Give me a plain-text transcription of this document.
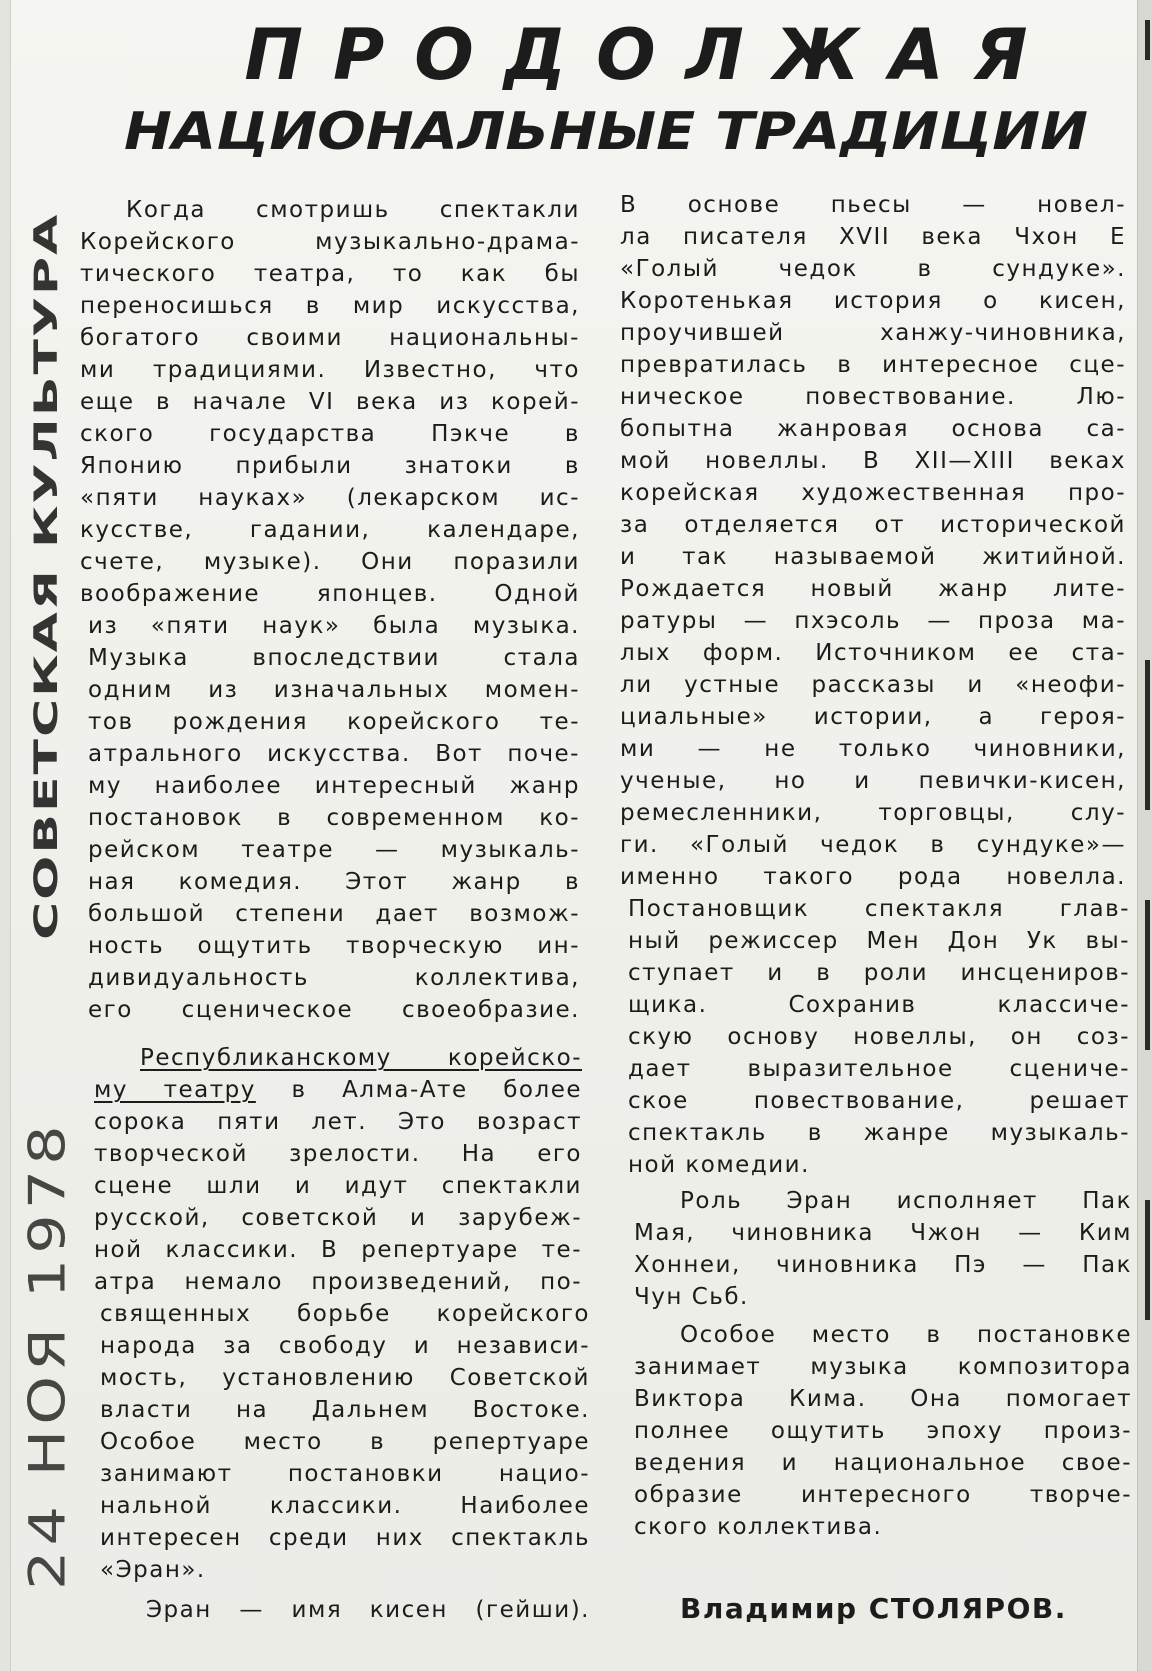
ПРОДОЛЖАЯ
НАЦИОНАЛЬНЫЕ ТРАДИЦИИ
СОВЕТСКАЯ КУЛЬТУРА
24 НОЯ 1978
Когда смотришь спектакли
Корейского музыкально-драма-
тического театра, то как бы
переносишься в мир искусства,
богатого своими национальны-
ми традициями. Известно, что
еще в начале VI века из корей-
ского государства Пэкче в
Японию прибыли знатоки в
«пяти науках» (лекарском ис-
кусстве, гадании, календаре,
счете, музыке). Они поразили
воображение японцев. Одной
из «пяти наук» была музыка.
Музыка впоследствии стала
одним из изначальных момен-
тов рождения корейского те-
атрального искусства. Вот поче-
му наиболее интересный жанр
постановок в современном ко-
рейском театре — музыкаль-
ная комедия. Этот жанр в
большой степени дает возмож-
ность ощутить творческую ин-
дивидуальность коллектива,
его сценическое своеобразие.
Республиканскому корейско-
му театру в Алма-Ате более
сорока пяти лет. Это возраст
творческой зрелости. На его
сцене шли и идут спектакли
русской, советской и зарубеж-
ной классики. В репертуаре те-
атра немало произведений, по-
священных борьбе корейского
народа за свободу и независи-
мость, установлению Советской
власти на Дальнем Востоке.
Особое место в репертуаре
занимают постановки нацио-
нальной классики. Наиболее
интересен среди них спектакль
«Эран».
Эран — имя кисен (гейши).
В основе пьесы — новел-
ла писателя XVII века Чхон Е
«Голый чедок в сундуке».
Коротенькая история о кисен,
проучившей ханжу-чиновника,
превратилась в интересное сце-
ническое повествование. Лю-
бопытна жанровая основа са-
мой новеллы. В XII—XIII веках
корейская художественная про-
за отделяется от исторической
и так называемой житийной.
Рождается новый жанр лите-
ратуры — пхэсоль — проза ма-
лых форм. Источником ее ста-
ли устные рассказы и «неофи-
циальные» истории, а героя-
ми — не только чиновники,
ученые, но и певички-кисен,
ремесленники, торговцы, слу-
ги. «Голый чедок в сундуке»—
именно такого рода новелла.
Постановщик спектакля глав-
ный режиссер Мен Дон Ук вы-
ступает и в роли инсцениров-
щика. Сохранив классиче-
скую основу новеллы, он соз-
дает выразительное сцениче-
ское повествование, решает
спектакль в жанре музыкаль-
ной комедии.
Роль Эран исполняет Пак
Мая, чиновника Чжон — Ким
Хоннеи, чиновника Пэ — Пак
Чун Сьб.
Особое место в постановке
занимает музыка композитора
Виктора Кима. Она помогает
полнее ощутить эпоху произ-
ведения и национальное свое-
образие интересного творче-
ского коллектива.
Владимир СТОЛЯРОВ.
